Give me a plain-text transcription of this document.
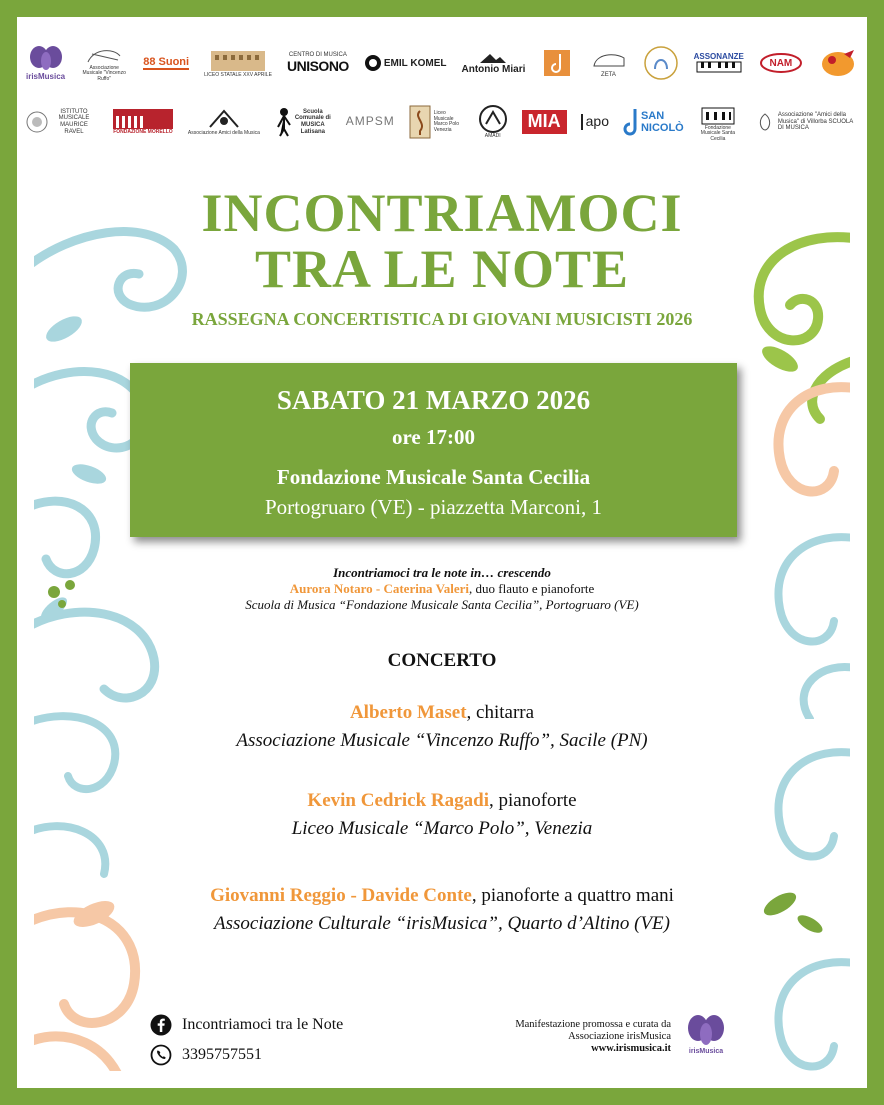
irisMusica
Associazione Musicale "Vincenzo Ruffo"
88 Suoni
LICEO STATALE XXV APRILE
CENTRO DI MUSICA
UNISONO	EMIL KOMEL
Antonio Miari
ZETA
ASSONANZE
NAM
ISTITUTO MUSICALE MAURICE RAVEL	FONDAZIONE MORELLO	Associazione Amici della Musica
Scuola Comunale di MUSICA Latisana
AMPSM
Liceo Musicale Marco Polo Venezia
AMADI
MIA	apo	SAN NICOLÒ	Fondazione Musicale Santa Cecilia
Associazione "Amici della Musica" di Villorba SCUOLA DI MUSICA
INCONTRIAMOCI
TRA LE NOTE
RASSEGNA CONCERTISTICA DI GIOVANI MUSICISTI 2026
SABATO 21 MARZO 2026
ore 17:00
Fondazione Musicale Santa Cecilia
Portogruaro (VE) - piazzetta Marconi, 1
Incontriamoci tra le note in… crescendo
Aurora Notaro - Caterina Valeri, duo flauto e pianoforte
Scuola di Musica “Fondazione Musicale Santa Cecilia”, Portogruaro (VE)
CONCERTO
Alberto Maset, chitarra
Associazione Musicale “Vincenzo Ruffo”, Sacile (PN)
Kevin Cedrick Ragadi, pianoforte
Liceo Musicale “Marco Polo”, Venezia
Giovanni Reggio - Davide Conte, pianoforte a quattro mani
Associazione Culturale “irisMusica”, Quarto d’Altino (VE)
Incontriamoci tra le Note
3395757551
Manifestazione promossa e curata da
Associazione irisMusica
www.irismusica.it	irisMusica
